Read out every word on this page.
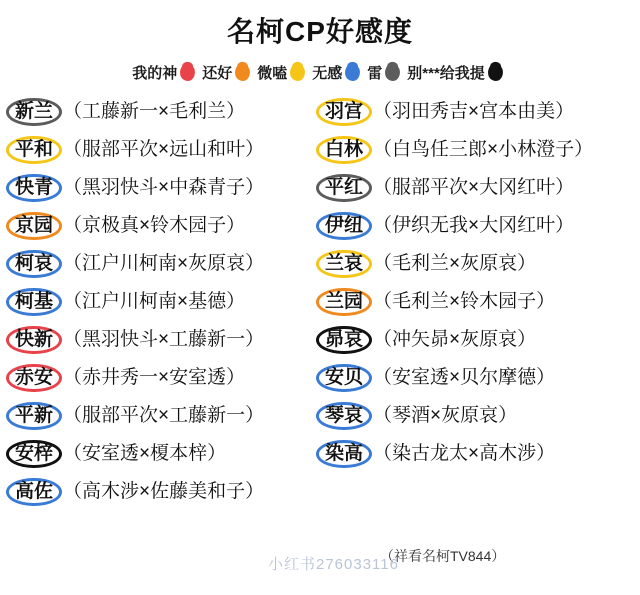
名柯CP好感度
我的神 还好 微嗑 无感 雷 别***给我提
新兰 （工藤新一×毛利兰）	羽宫 （羽田秀吉×宫本由美）
平和 （服部平次×远山和叶）	白林 （白鸟任三郎×小林澄子）
快青 （黑羽快斗×中森青子）	平红 （服部平次×大冈红叶）
京园 （京极真×铃木园子）	伊纽 （伊织无我×大冈红叶）
柯哀 （江户川柯南×灰原哀）	兰哀 （毛利兰×灰原哀）
柯基 （江户川柯南×基德）	兰园 （毛利兰×铃木园子）
快新 （黑羽快斗×工藤新一）	昴哀 （冲矢昴×灰原哀）
赤安 （赤井秀一×安室透）	安贝 （安室透×贝尔摩德）
平新 （服部平次×工藤新一）	琴哀 （琴酒×灰原哀）
安梓 （安室透×榎本梓）	染高 （染古龙太×高木涉）
高佐 （高木涉×佐藤美和子）
（祥看名柯TV844）
小红书276033116
